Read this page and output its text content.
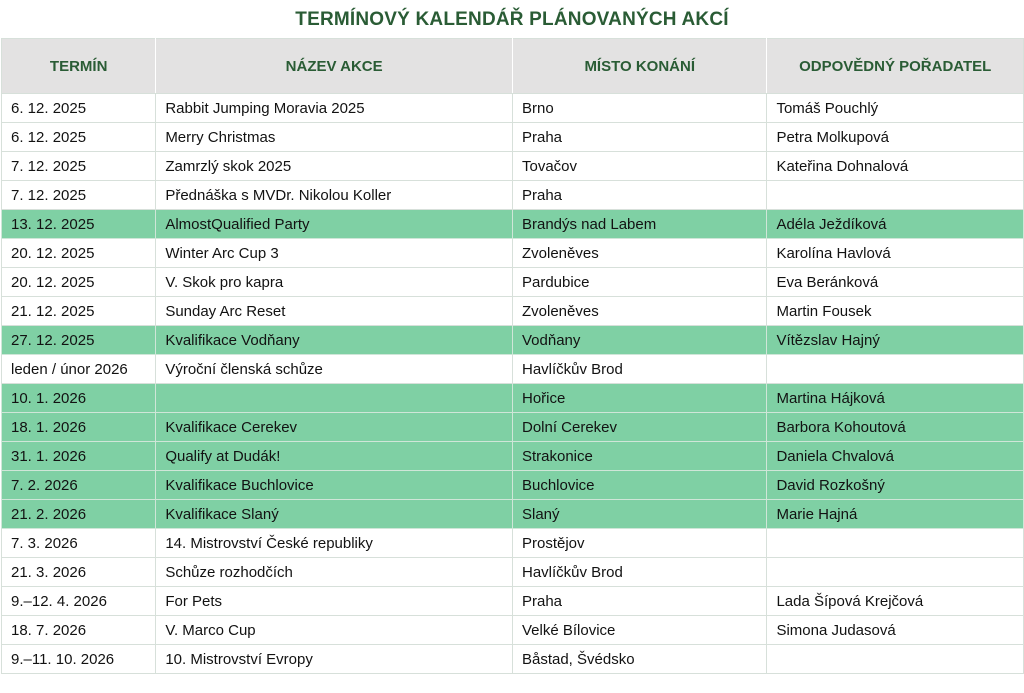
TERMÍNOVÝ KALENDÁŘ PLÁNOVANÝCH AKCÍ
TERMÍN	NÁZEV AKCE	MÍSTO KONÁNÍ	ODPOVĚDNÝ POŘADATEL
6. 12. 2025	Rabbit Jumping Moravia 2025	Brno	Tomáš Pouchlý
6. 12. 2025	Merry Christmas	Praha	Petra Molkupová
7. 12. 2025	Zamrzlý skok 2025	Tovačov	Kateřina Dohnalová
7. 12. 2025	Přednáška s MVDr. Nikolou Koller	Praha	
13. 12. 2025	AlmostQualified Party	Brandýs nad Labem	Adéla Ježdíková
20. 12. 2025	Winter Arc Cup 3	Zvoleněves	Karolína Havlová
20. 12. 2025	V. Skok pro kapra	Pardubice	Eva Beránková
21. 12. 2025	Sunday Arc Reset	Zvoleněves	Martin Fousek
27. 12. 2025	Kvalifikace Vodňany	Vodňany	Vítězslav Hajný
leden / únor 2026	Výroční členská schůze	Havlíčkův Brod	
10. 1. 2026		Hořice	Martina Hájková
18. 1. 2026	Kvalifikace Cerekev	Dolní Cerekev	Barbora Kohoutová
31. 1. 2026	Qualify at Dudák!	Strakonice	Daniela Chvalová
7. 2. 2026	Kvalifikace Buchlovice	Buchlovice	David Rozkošný
21. 2. 2026	Kvalifikace Slaný	Slaný	Marie Hajná
7. 3. 2026	14. Mistrovství České republiky	Prostějov	
21. 3. 2026	Schůze rozhodčích	Havlíčkův Brod	
9.–12. 4. 2026	For Pets	Praha	Lada Šípová Krejčová
18. 7. 2026	V. Marco Cup	Velké Bílovice	Simona Judasová
9.–11. 10. 2026	10. Mistrovství Evropy	Båstad, Švédsko	
